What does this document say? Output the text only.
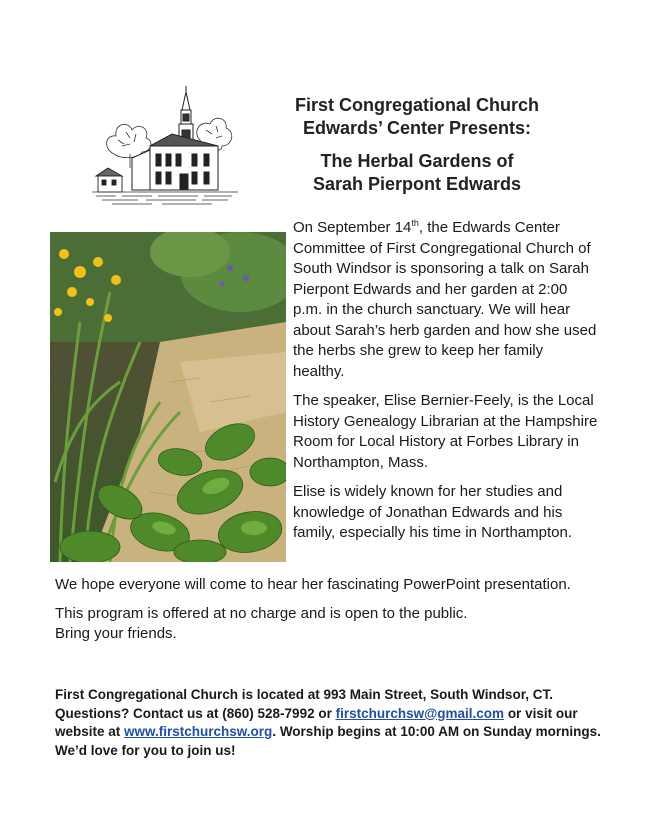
First Congregational Church
Edwards’ Center Presents:
The Herbal Gardens of
Sarah Pierpont Edwards

On September 14th, the Edwards Center Committee of First Congregational Church of South Windsor is sponsoring a talk on Sarah Pierpont Edwards and her garden at 2:00 p.m. in the church sanctuary. We will hear about Sarah’s herb garden and how she used the herbs she grew to keep her family healthy.

The speaker, Elise Bernier-Feely, is the Local History Genealogy Librarian at the Hampshire Room for Local History at Forbes Library in Northampton, Mass.

Elise is widely known for her studies and knowledge of Jonathan Edwards and his family, especially his time in Northampton.

We hope everyone will come to hear her fascinating PowerPoint presentation.

This program is offered at no charge and is open to the public.
Bring your friends.

First Congregational Church is located at 993 Main Street, South Windsor, CT. Questions? Contact us at (860) 528-7992 or firstchurchsw@gmail.com or visit our website at www.firstchurchsw.org. Worship begins at 10:00 AM on Sunday mornings. We’d love for you to join us!
